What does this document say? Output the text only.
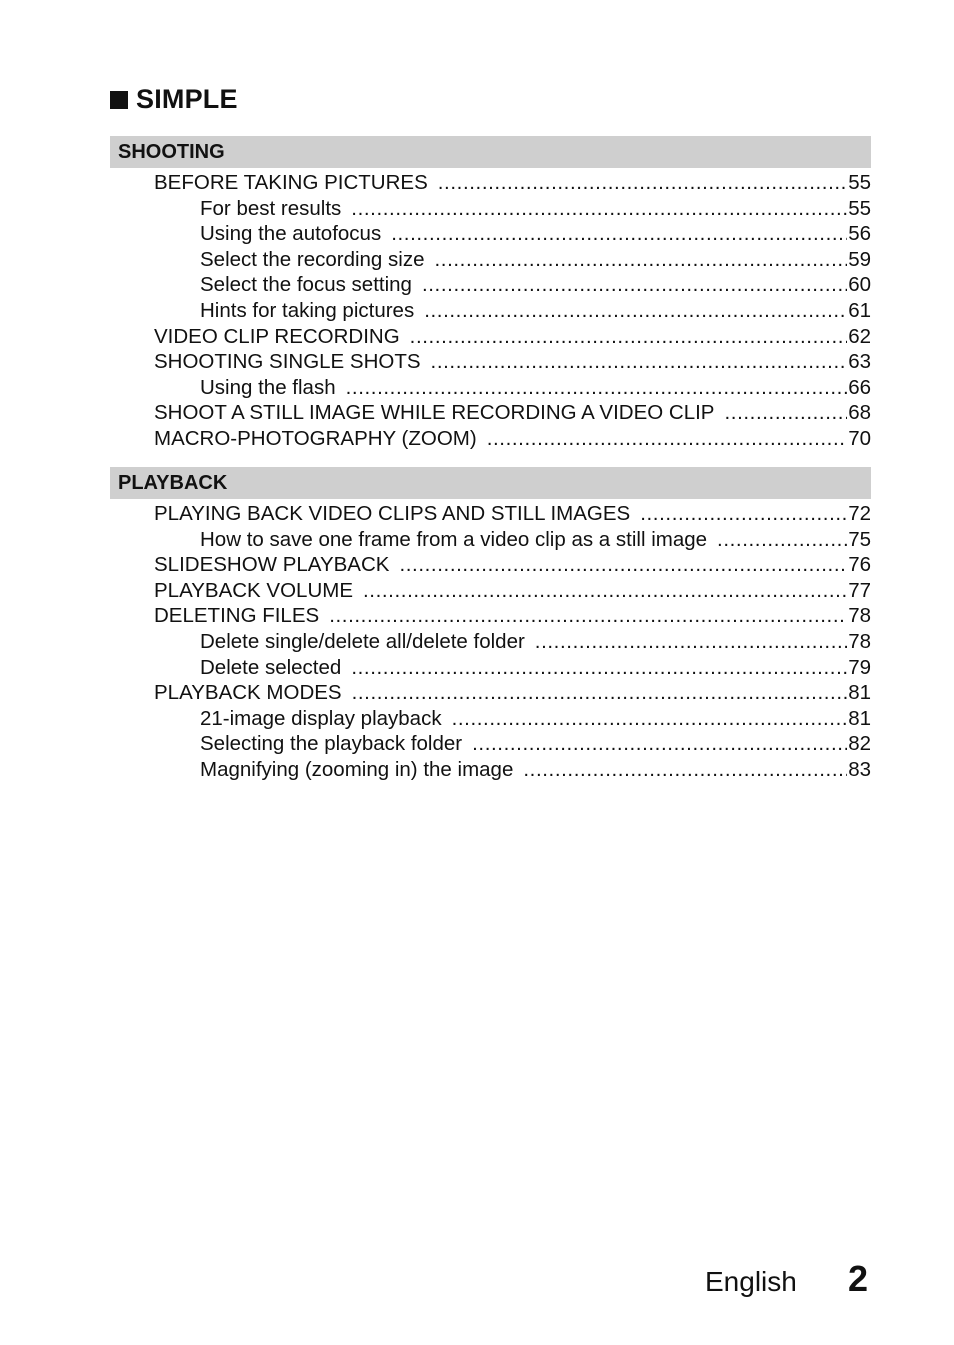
SIMPLE
SHOOTING
BEFORE TAKING PICTURES .....	55
For best results .....	55
Using the autofocus .....	56
Select the recording size .....	59
Select the focus setting .....	60
Hints for taking pictures .....	61
VIDEO CLIP RECORDING .....	62
SHOOTING SINGLE SHOTS .....	63
Using the flash .....	66
SHOOT A STILL IMAGE WHILE RECORDING A VIDEO CLIP .....	68
MACRO-PHOTOGRAPHY (ZOOM) .....	70
PLAYBACK
PLAYING BACK VIDEO CLIPS AND STILL IMAGES .....	72
How to save one frame from a video clip as a still image .....	75
SLIDESHOW PLAYBACK .....	76
PLAYBACK VOLUME .....	77
DELETING FILES .....	78
Delete single/delete all/delete folder .....	78
Delete selected .....	79
PLAYBACK MODES .....	81
21-image display playback .....	81
Selecting the playback folder .....	82
Magnifying (zooming in) the image .....	83
English 2
